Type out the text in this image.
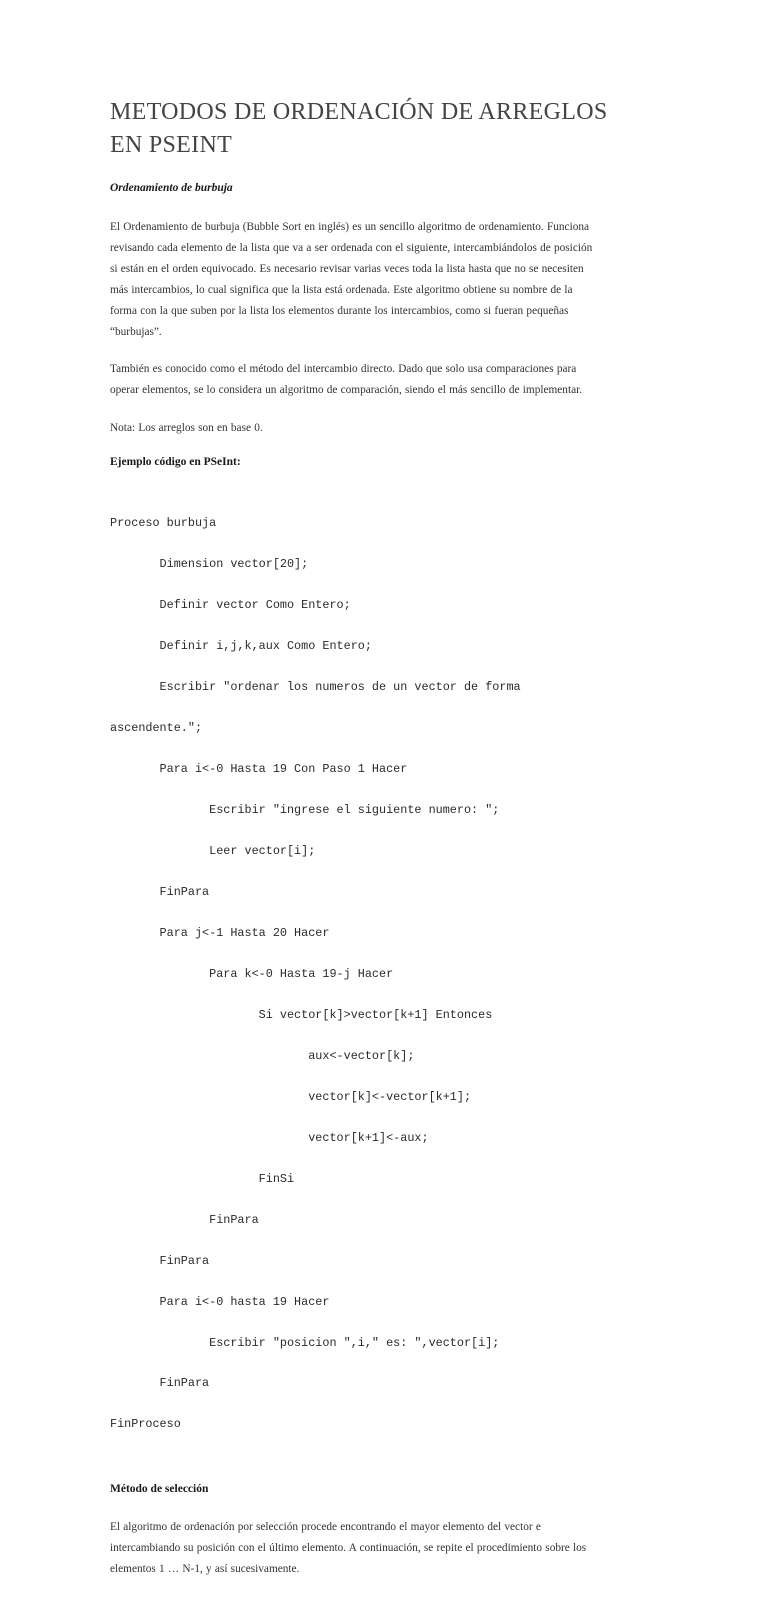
METODOS DE ORDENACIÓN DE ARREGLOS
EN PSEINT
Ordenamiento de burbuja
El Ordenamiento de burbuja (Bubble Sort en inglés) es un sencillo algoritmo de ordenamiento. Funciona
revisando cada elemento de la lista que va a ser ordenada con el siguiente, intercambiándolos de posición
si están en el orden equivocado. Es necesario revisar varias veces toda la lista hasta que no se necesiten
más intercambios, lo cual significa que la lista está ordenada. Este algoritmo obtiene su nombre de la
forma con la que suben por la lista los elementos durante los intercambios, como si fueran pequeñas
“burbujas”.
También es conocido como el método del intercambio directo. Dado que solo usa comparaciones para
operar elementos, se lo considera un algoritmo de comparación, siendo el más sencillo de implementar.
Nota: Los arreglos son en base 0.
Ejemplo código en PSeInt:

Proceso burbuja

Dimension vector[20];

Definir vector Como Entero;

Definir i,j,k,aux Como Entero;

Escribir "ordenar los numeros de un vector de forma

ascendente.";

Para i<-0 Hasta 19 Con Paso 1 Hacer

Escribir "ingrese el siguiente numero: ";

Leer vector[i];

FinPara

Para j<-1 Hasta 20 Hacer

Para k<-0 Hasta 19-j Hacer

Si vector[k]>vector[k+1] Entonces

aux<-vector[k];

vector[k]<-vector[k+1];

vector[k+1]<-aux;

FinSi

FinPara

FinPara

Para i<-0 hasta 19 Hacer

Escribir "posicion ",i," es: ",vector[i];

FinPara

FinProceso

Método de selección
El algoritmo de ordenación por selección procede encontrando el mayor elemento del vector e
intercambiando su posición con el último elemento. A continuación, se repite el procedimiento sobre los
elementos 1 … N-1, y así sucesivamente.
